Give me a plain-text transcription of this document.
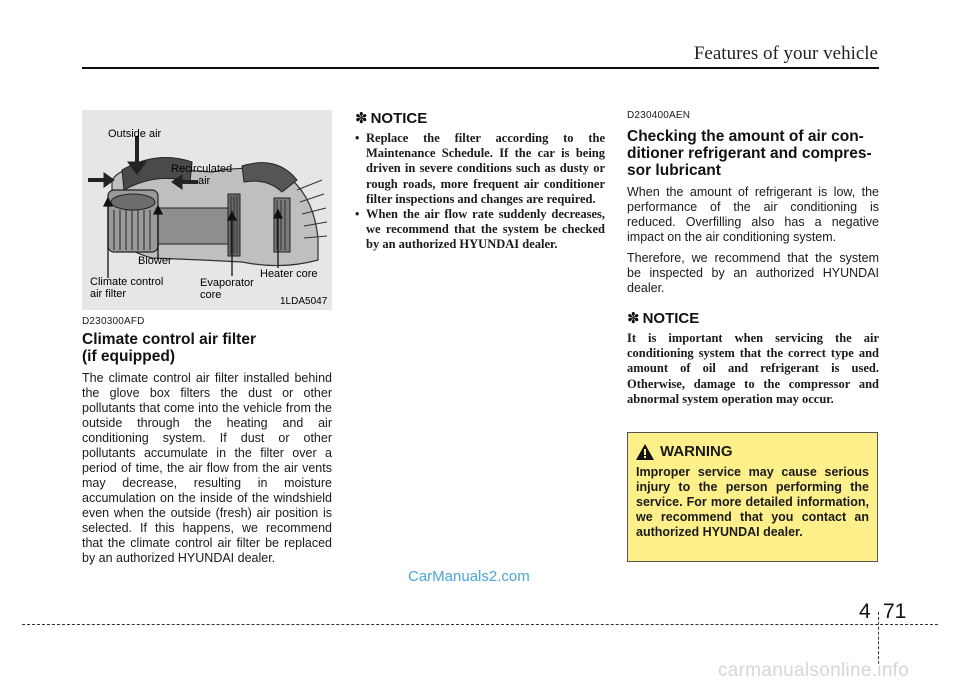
Features of your vehicle
Outside air
Recirculated
air
Blower
Climate control
air filter
Evaporator
core
Heater core
1LDA5047

D230300AFD

Climate control air filter
(if equipped)

The climate control air filter installed behind the glove box filters the dust or other pollutants that come into the vehicle from the outside through the heating and air conditioning system. If dust or other pollutants accumulate in the filter over a period of time, the air flow from the air vents may decrease, resulting in moisture accumulation on the inside of the windshield even when the outside (fresh) air position is selected. If this happens, we recommend that the climate control air filter be replaced by an authorized HYUNDAI dealer.

✽ NOTICE
• Replace the filter according to the Maintenance Schedule. If the car is being driven in severe conditions such as dusty or rough roads, more frequent air conditioner filter inspections and changes are required.
• When the air flow rate suddenly decreases, we recommend that the system be checked by an authorized HYUNDAI dealer.

D230400AEN

Checking the amount of air con-
ditioner refrigerant and compres-
sor lubricant

When the amount of refrigerant is low, the performance of the air conditioning is reduced. Overfilling also has a negative impact on the air conditioning system.

Therefore, we recommend that the system be inspected by an authorized HYUNDAI dealer.

✽ NOTICE

It is important when servicing the air conditioning system that the correct type and amount of oil and refrigerant is used. Otherwise, damage to the compressor and abnormal system operation may occur.

WARNING

Improper service may cause serious injury to the person performing the service. For more detailed information, we recommend that you contact an authorized HYUNDAI dealer.

CarManuals2.com
4 71
carmanualsonline.info
